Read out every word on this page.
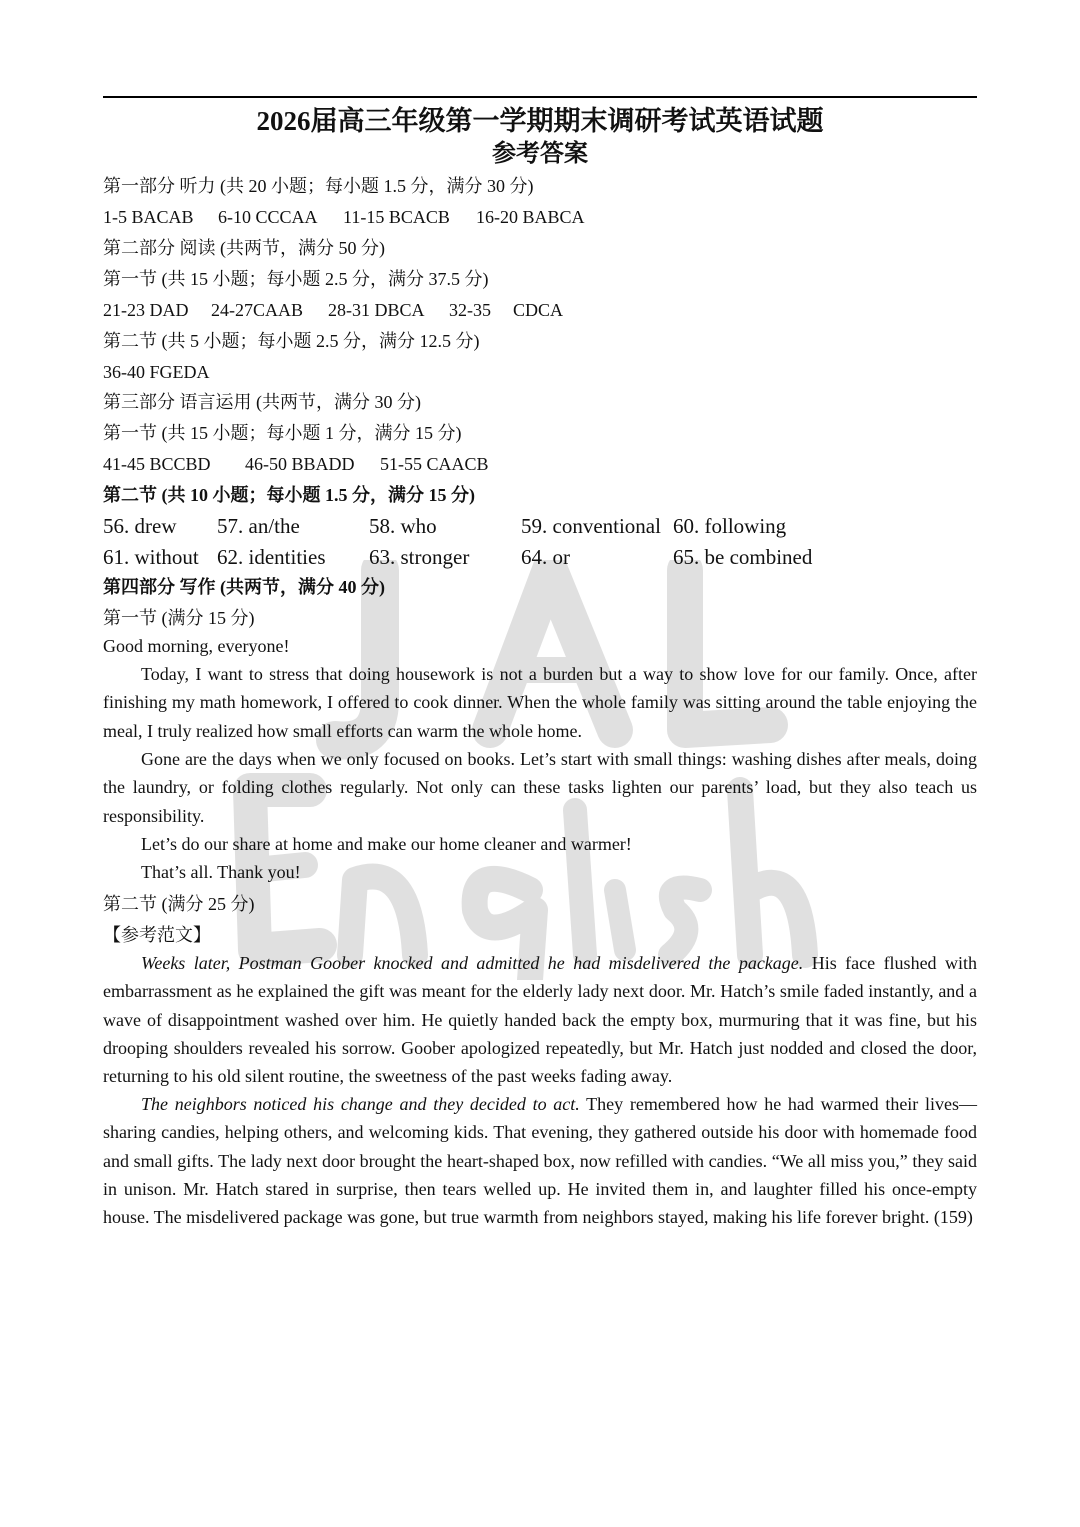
2026届高三年级第一学期期末调研考试英语试题
参考答案
第一部分 听力 (共 20 小题；每小题 1.5 分，满分 30 分)
1-5 BACAB 6-10 CCCAA 11-15 BCACB 16-20 BABCA
第二部分 阅读 (共两节，满分 50 分)
第一节 (共 15 小题；每小题 2.5 分，满分 37.5 分)
21-23 DAD 24-27CAAB 28-31 DBCA 32-35 CDCA
第二节 (共 5 小题；每小题 2.5 分，满分 12.5 分)
36-40 FGEDA
第三部分 语言运用 (共两节，满分 30 分)
第一节 (共 15 小题；每小题 1 分，满分 15 分)
41-45 BCCBD 46-50 BBADD 51-55 CAACB
第二节 (共 10 小题；每小题 1.5 分，满分 15 分)
56. drew 57. an/the	58. who	59. conventional 60. following
61. without 62. identities 63. stronger 64. or	65. be combined
第四部分 写作 (共两节，满分 40 分)
第一节 (满分 15 分)
Good morning, everyone!

Today, I want to stress that doing housework is not a burden but a way to show love for our family. Once, after finishing my math homework, I offered to cook dinner. When the whole family was sitting around the table enjoying the meal, I truly realized how small efforts can warm the whole home.

Gone are the days when we only focused on books. Let’s start with small things: washing dishes after meals, doing the laundry, or folding clothes regularly. Not only can these tasks lighten our parents’ load, but they also teach us responsibility.

Let’s do our share at home and make our home cleaner and warmer!

That’s all. Thank you!

第二节 (满分 25 分)
【参考范文】

Weeks later, Postman Goober knocked and admitted he had misdelivered the package. His face flushed with embarrassment as he explained the gift was meant for the elderly lady next door. Mr. Hatch’s smile faded instantly, and a wave of disappointment washed over him. He quietly handed back the empty box, murmuring that it was fine, but his drooping shoulders revealed his sorrow. Goober apologized repeatedly, but Mr. Hatch just nodded and closed the door, returning to his old silent routine, the sweetness of the past weeks fading away.

The neighbors noticed his change and they decided to act. They remembered how he had warmed their lives—sharing candies, helping others, and welcoming kids. That evening, they gathered outside his door with homemade food and small gifts. The lady next door brought the heart-shaped box, now refilled with candies. “We all miss you,” they said in unison. Mr. Hatch stared in surprise, then tears welled up. He invited them in, and laughter filled his once-empty house. The misdelivered package was gone, but true warmth from neighbors stayed, making his life forever bright. (159)
